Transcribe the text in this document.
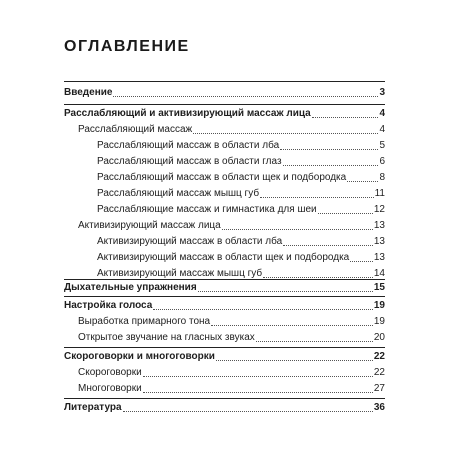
ОГЛАВЛЕНИЕ
Введение	3
Расслабляющий и активизирующий массаж лица	4
Расслабляющий массаж	4
Расслабляющий массаж в области лба	5
Расслабляющий массаж в области глаз	6
Расслабляющий массаж в области щек и подбородка	8
Расслабляющий массаж мышц губ	11
Расслабляющие массаж и гимнастика для шеи	12
Активизирующий массаж лица	13
Активизирующий массаж в области лба	13
Активизирующий массаж в области щек и подбородка 13
Активизирующий массаж мышц губ	14
Дыхательные упражнения	15
Настройка голоса	19
Выработка примарного тона	19
Открытое звучание на гласных звуках	20
Скороговорки и многоговорки	22
Скороговорки	22
Многоговорки	27
Литература	36
